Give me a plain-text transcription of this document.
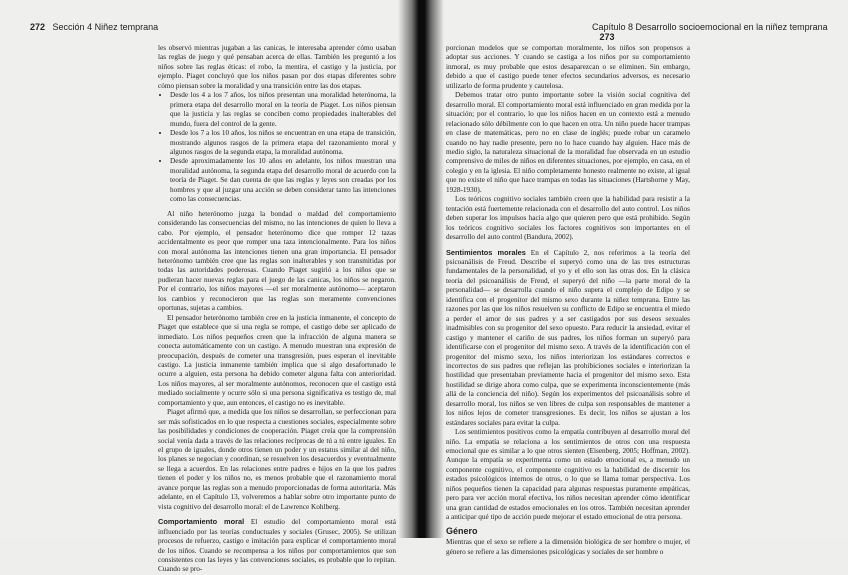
272 Sección 4 Niñez temprana

les observó mientras jugaban a las canicas, le interesaba aprender cómo usaban las reglas de juego y qué pensaban acerca de ellas. También les preguntó a los niños sobre las reglas éticas: el robo, la mentira, el castigo y la justicia, por ejemplo. Piaget concluyó que los niños pasan por dos etapas diferentes sobre cómo piensan sobre la moralidad y una transición entre las dos etapas.

• Desde los 4 a los 7 años, los niños presentan una moralidad heterónoma, la primera etapa del desarrollo moral en la teoría de Piaget. Los niños piensan que la justicia y las reglas se conciben como propiedades inalterables del mundo, fuera del control de la gente.
• Desde los 7 a los 10 años, los niños se encuentran en una etapa de transición, mostrando algunos rasgos de la primera etapa del razonamiento moral y algunos rasgos de la segunda etapa, la moralidad autónoma.
• Desde aproximadamente los 10 años en adelante, los niños muestran una moralidad autónoma, la segunda etapa del desarrollo moral de acuerdo con la teoría de Piaget. Se dan cuenta de que las reglas y leyes son creadas por los hombres y que al juzgar una acción se deben considerar tanto las intenciones como las consecuencias.

Al niño heterónomo juzga la bondad o maldad del comportamiento considerando las consecuencias del mismo, no las intenciones de quien lo lleva a cabo. Por ejemplo, el pensador heterónomo dice que romper 12 tazas accidentalmente es peor que romper una taza intencionalmente. Para los niños con moral autónoma las intenciones tienen una gran importancia. El pensador heterónomo también cree que las reglas son inalterables y son transmitidas por todas las autoridades poderosas. Cuando Piaget sugirió a los niños que se pudieran hacer nuevas reglas para el juego de las canicas, los niños se negaron. Por el contrario, los niños mayores —el ser moralmente autónomo— aceptaron los cambios y reconocieron que las reglas son meramente convenciones oportunas, sujetas a cambios.

El pensador heterónomo también cree en la justicia inmanente, el concepto de Piaget que establece que si una regla se rompe, el castigo debe ser aplicado de inmediato. Los niños pequeños creen que la infracción de alguna manera se conecta automáticamente con un castigo. A menudo muestran una expresión de preocupación, después de cometer una transgresión, pues esperan el inevitable castigo. La justicia inmanente también implica que si algo desafortunado le ocurre a alguien, esta persona ha debido cometer alguna falta con anterioridad. Los niños mayores, al ser moralmente autónomos, reconocen que el castigo está mediado socialmente y ocurre sólo si una persona significativa es testigo de, mal comportamiento y que, aun entonces, el castigo no es inevitable.

Piaget afirmó que, a medida que los niños se desarrollan, se perfeccionan para ser más sofisticados en lo que respecta a cuestiones sociales, especialmente sobre las posibilidades y condiciones de cooperación. Piaget creía que la comprensión social venía dada a través de las relaciones recíprocas de tú a tú entre iguales. En el grupo de iguales, donde otros tienen un poder y un estatus similar al del niño, los planes se negocian y coordinan, se resuelven los desacuerdos y eventualmente se llega a acuerdos. En las relaciones entre padres e hijos en la que los padres tienen el poder y los niños no, es menos probable que el razonamiento moral avance porque las reglas son a menudo proporcionadas de forma autoritaria. Más adelante, en el Capítulo 13, volveremos a hablar sobre otro importante punto de vista cognitivo del desarrollo moral: el de Lawrence Kohlberg.

Comportamiento moral El estudio del comportamiento moral está influenciado por las teorías conductuales y sociales (Grusec, 2005). Se utilizan procesos de refuerzo, castigo e imitación para explicar el comportamiento moral de los niños. Cuando se recompensa a los niños por comportamientos que son consistentes con las leyes y las convenciones sociales, es probable que lo repitan. Cuando se pro-

Capítulo 8 Desarrollo socioemocional en la niñez temprana    273

porcionan modelos que se comportan moralmente, los niños son propensos a adoptar sus acciones. Y cuando se castiga a los niños por su comportamiento inmoral, es muy probable que estos desaparezcan o se eliminen. Sin embargo, debido a que el castigo puede tener efectos secundarios adversos, es necesario utilizarlo de forma prudente y cautelosa.

Debemos tratar otro punto importante sobre la visión social cognitiva del desarrollo moral. El comportamiento moral está influenciado en gran medida por la situación; por el contrario, lo que los niños hacen en un contexto está a menudo relacionado sólo débilmente con lo que hacen en otra. Un niño puede hacer trampas en clase de matemáticas, pero no en clase de inglés; puede robar un caramelo cuando no hay nadie presente, pero no lo hace cuando hay alguien. Hace más de medio siglo, la naturaleza situacional de la moralidad fue observada en un estudio comprensivo de miles de niños en diferentes situaciones, por ejemplo, en casa, en el colegio y en la iglesia. El niño completamente honesto realmente no existe, al igual que no existe el niño que hace trampas en todas las situaciones (Hartshorne y May, 1928-1930).

Los teóricos cognitivo sociales también creen que la habilidad para resistir a la tentación está fuertemente relacionada con el desarrollo del auto control. Los niños deben superar los impulsos hacia algo que quieren pero que está prohibido. Según los teóricos cognitivo sociales los factores cognitivos son importantes en el desarrollo del auto control (Bandura, 2002).

Sentimientos morales En el Capítulo 2, nos referimos a la teoría del psicoanálisis de Freud. Describe el superyó como una de las tres estructuras fundamentales de la personalidad, el yo y el ello son las otras dos. En la clásica teoría del psicoanálisis de Freud, el superyó del niño —la parte moral de la personalidad— se desarrolla cuando el niño supera el complejo de Edipo y se identifica con el progenitor del mismo sexo durante la niñez temprana. Entre las razones por las que los niños resuelven su conflicto de Edipo se encuentra el miedo a perder el amor de sus padres y a ser castigados por sus deseos sexuales inadmisibles con su progenitor del sexo opuesto. Para reducir la ansiedad, evitar el castigo y mantener el cariño de sus padres, los niños forman un superyó para identificarse con el progenitor del mismo sexo. A través de la identificación con el progenitor del mismo sexo, los niños interiorizan los estándares correctos e incorrectos de sus padres que reflejan las prohibiciones sociales e interiorizan la hostilidad que presentaban previamente hacia el progenitor del mismo sexo. Esta hostilidad se dirige ahora como culpa, que se experimenta inconscientemente (más allá de la conciencia del niño). Según los experimentos del psicoanálisis sobre el desarrollo moral, los niños se ven libres de culpa son responsables de mantener a los niños lejos de cometer transgresiones. Es decir, los niños se ajustan a los estándares sociales para evitar la culpa.

Los sentimientos positivos como la empatía contribuyen al desarrollo moral del niño. La empatía se relaciona a los sentimientos de otros con una respuesta emocional que es similar a lo que otros sienten (Eisenberg, 2005; Hoffman, 2002). Aunque la empatía se experimenta como un estado emocional es, a menudo un componente cognitivo, el componente cognitivo es la habilidad de discernir los estados psicológicos internos de otros, o lo que se llama tomar perspectiva. Los niños pequeños tienen la capacidad para algunas respuestas puramente empáticas, pero para ver acción moral efectiva, los niños necesitan aprender cómo identificar una gran cantidad de estados emocionales en los otros. También necesitan aprender a anticipar qué tipo de acción puede mejorar el estado emocional de otra persona.

Género

Mientras que el sexo se refiere a la dimensión biológica de ser hombre o mujer, el género se refiere a las dimensiones psicológicas y sociales de ser hombre o
